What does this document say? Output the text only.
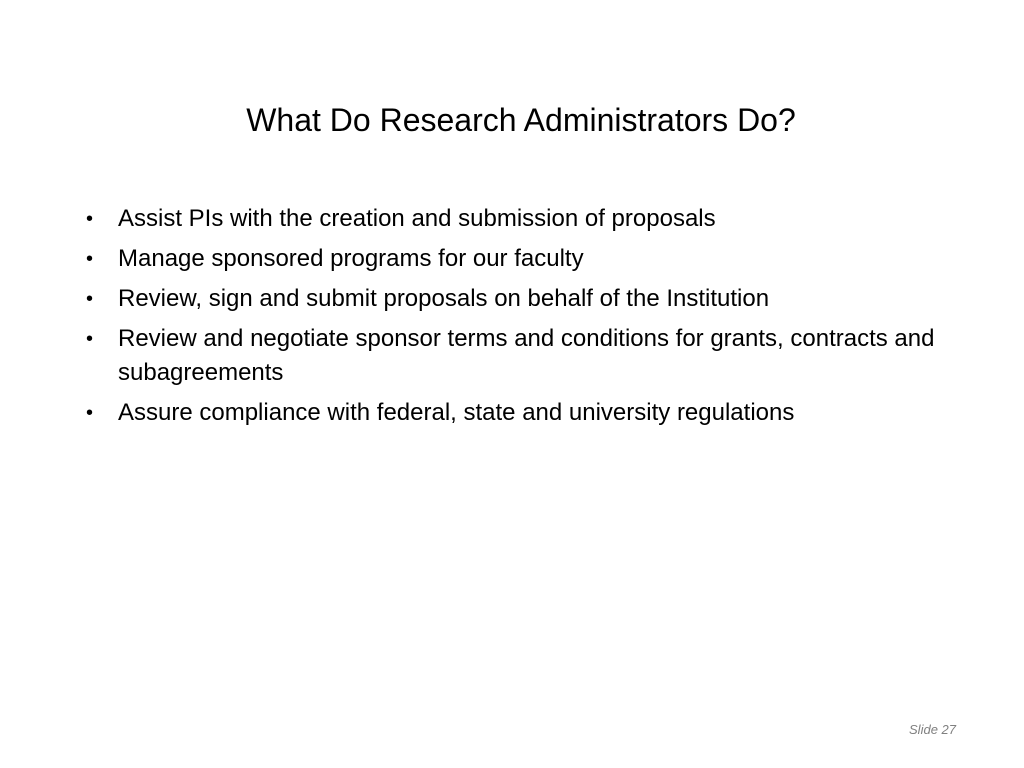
What Do Research Administrators Do?
• Assist PIs with the creation and submission of proposals
• Manage sponsored programs for our faculty
• Review, sign and submit proposals on behalf of the Institution
• Review and negotiate sponsor terms and conditions for grants, contracts and subagreements
• Assure compliance with federal, state and university regulations
Slide 27
